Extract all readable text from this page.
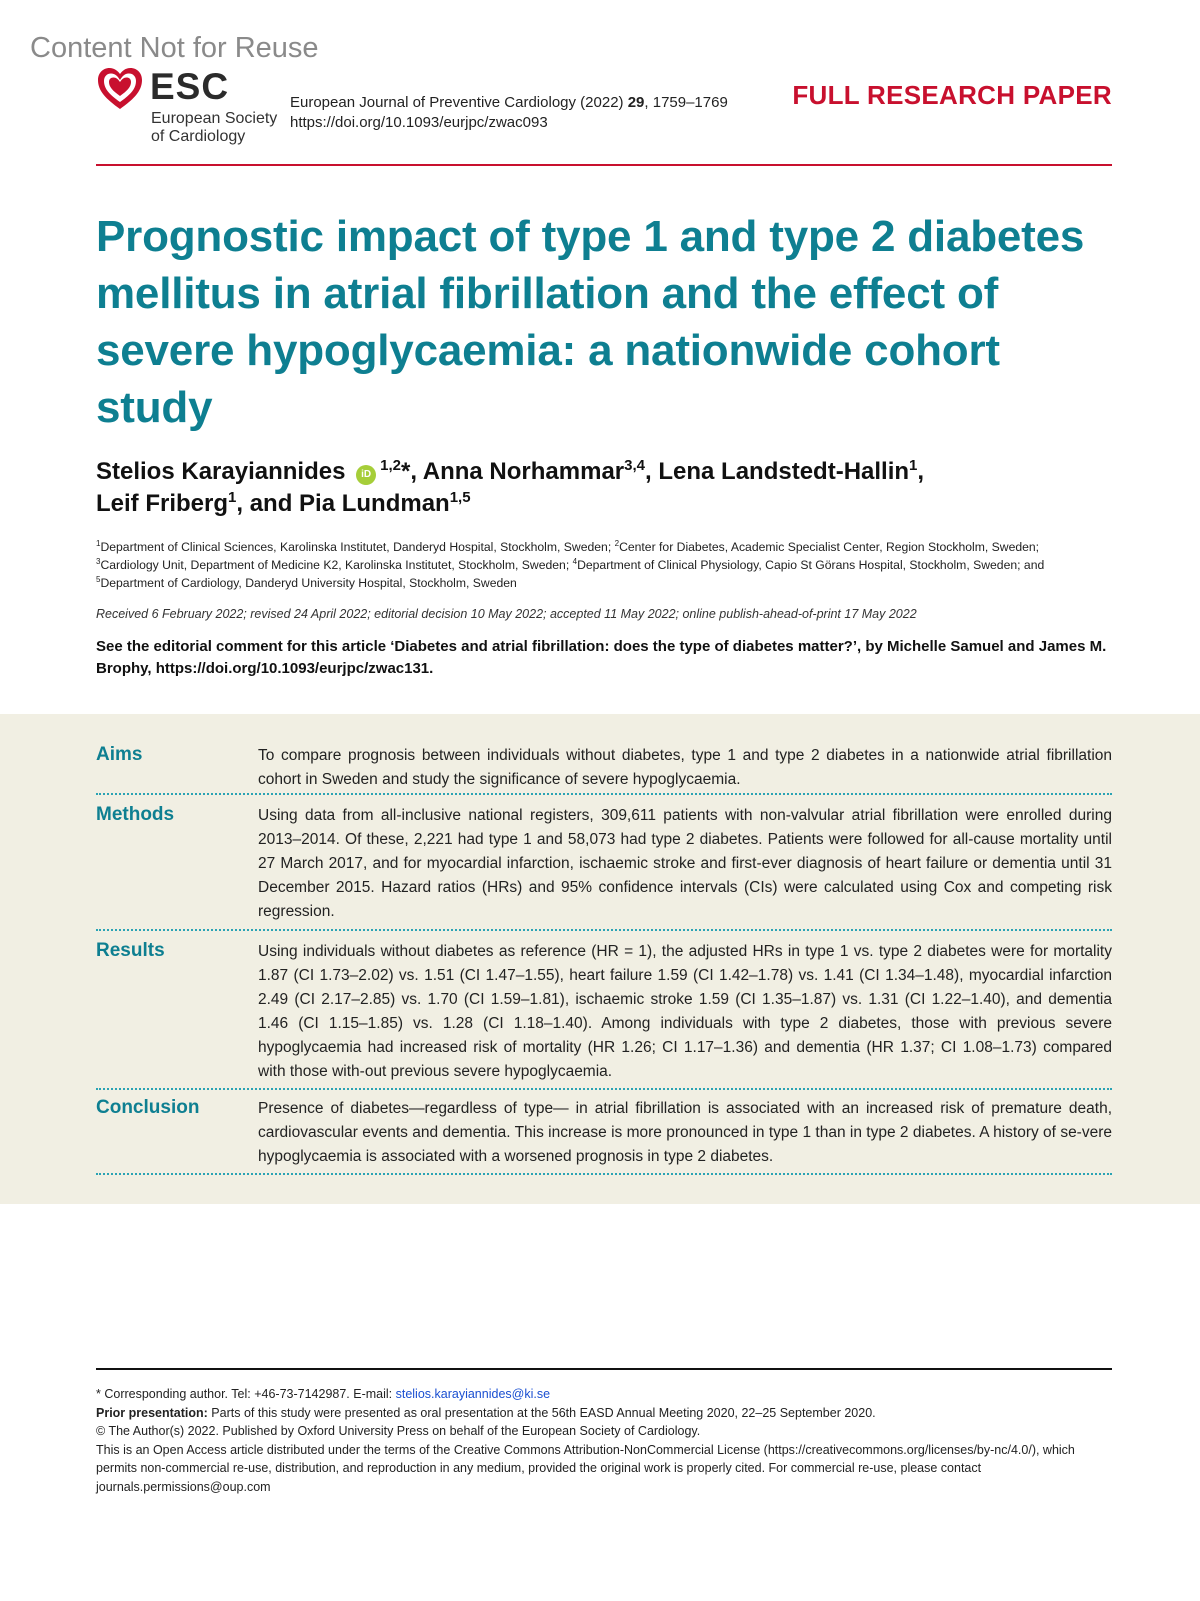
Content Not for Reuse
ESC
European Society
of Cardiology
European Journal of Preventive Cardiology (2022) 29, 1759–1769
https://doi.org/10.1093/eurjpc/zwac093
FULL RESEARCH PAPER
Prognostic impact of type 1 and type 2 diabetes mellitus in atrial fibrillation and the effect of severe hypoglycaemia: a nationwide cohort study
Stelios Karayiannides iD$^{1,2}$*, Anna Norhammar$^{3,4}$, Lena Landstedt-Hallin$^1$,
Leif Friberg$^1$, and Pia Lundman$^{1,5}$
$^1$Department of Clinical Sciences, Karolinska Institutet, Danderyd Hospital, Stockholm, Sweden; $^2$Center for Diabetes, Academic Specialist Center, Region Stockholm, Sweden;
$^3$Cardiology Unit, Department of Medicine K2, Karolinska Institutet, Stockholm, Sweden; $^4$Department of Clinical Physiology, Capio St Görans Hospital, Stockholm, Sweden; and
$^5$Department of Cardiology, Danderyd University Hospital, Stockholm, Sweden
Received 6 February 2022; revised 24 April 2022; editorial decision 10 May 2022; accepted 11 May 2022; online publish-ahead-of-print 17 May 2022
See the editorial comment for this article ‘Diabetes and atrial fibrillation: does the type of diabetes matter?’, by Michelle Samuel and James M. Brophy, https://doi.org/10.1093/eurjpc/zwac131.
Aims	To compare prognosis between individuals without diabetes, type 1 and type 2 diabetes in a nationwide atrial fibrillation cohort in Sweden and study the significance of severe hypoglycaemia.
Methods	Using data from all-inclusive national registers, 309,611 patients with non-valvular atrial fibrillation were enrolled during 2013–2014. Of these, 2,221 had type 1 and 58,073 had type 2 diabetes. Patients were followed for all-cause mortality until 27 March 2017, and for myocardial infarction, ischaemic stroke and first-ever diagnosis of heart failure or dementia until 31 December 2015. Hazard ratios (HRs) and 95% confidence intervals (CIs) were calculated using Cox and competing risk regression.
Results	Using individuals without diabetes as reference (HR = 1), the adjusted HRs in type 1 vs. type 2 diabetes were for mortality 1.87 (CI 1.73–2.02) vs. 1.51 (CI 1.47–1.55), heart failure 1.59 (CI 1.42–1.78) vs. 1.41 (CI 1.34–1.48), myocardial infarction 2.49 (CI 2.17–2.85) vs. 1.70 (CI 1.59–1.81), ischaemic stroke 1.59 (CI 1.35–1.87) vs. 1.31 (CI 1.22–1.40), and dementia 1.46 (CI 1.15–1.85) vs. 1.28 (CI 1.18–1.40). Among individuals with type 2 diabetes, those with previous severe hypoglycaemia had increased risk of mortality (HR 1.26; CI 1.17–1.36) and dementia (HR 1.37; CI 1.08–1.73) compared with those with-out previous severe hypoglycaemia.
Conclusion	Presence of diabetes—regardless of type— in atrial fibrillation is associated with an increased risk of premature death, cardiovascular events and dementia. This increase is more pronounced in type 1 than in type 2 diabetes. A history of se-vere hypoglycaemia is associated with a worsened prognosis in type 2 diabetes.
* Corresponding author. Tel: +46-73-7142987. E-mail: stelios.karayiannides@ki.se
Prior presentation: Parts of this study were presented as oral presentation at the 56th EASD Annual Meeting 2020, 22–25 September 2020.
© The Author(s) 2022. Published by Oxford University Press on behalf of the European Society of Cardiology.
This is an Open Access article distributed under the terms of the Creative Commons Attribution-NonCommercial License (https://creativecommons.org/licenses/by-nc/4.0/), which permits non-commercial re-use, distribution, and reproduction in any medium, provided the original work is properly cited. For commercial re-use, please contact journals.permissions@oup.com
